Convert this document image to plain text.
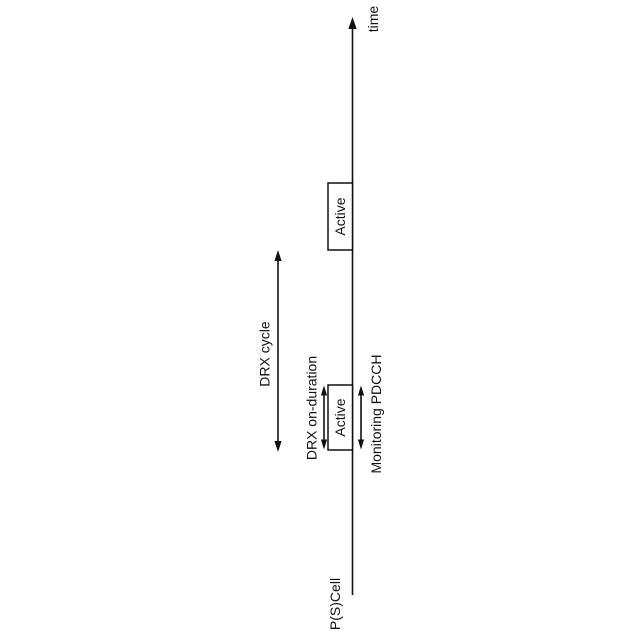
time
P(S)Cell
Active
Active
DRX cycle
DRX on-duration	Monitoring PDCCH
